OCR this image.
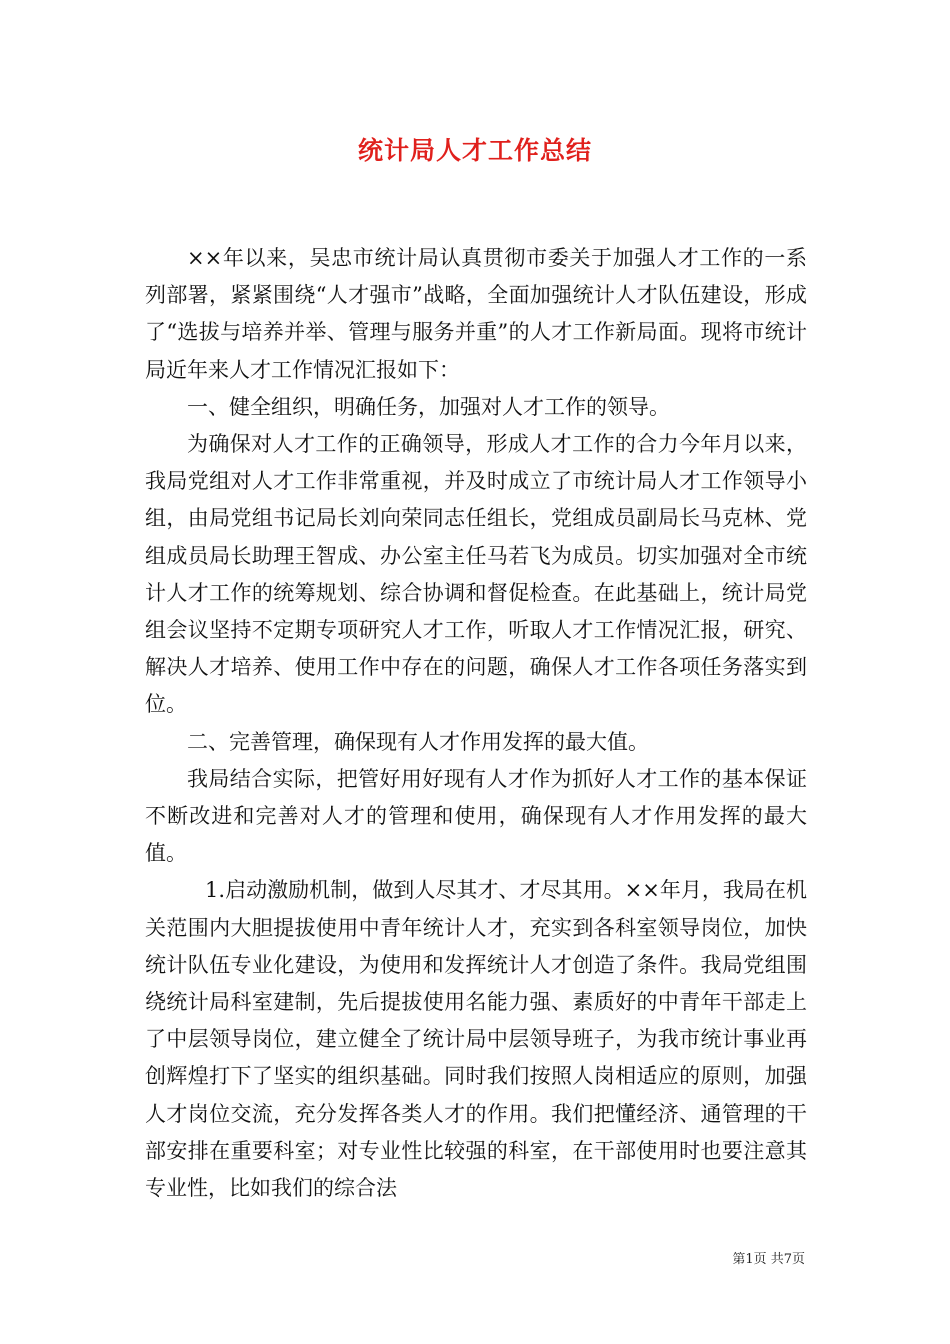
统计局人才工作总结

××年以来，吴忠市统计局认真贯彻市委关于加强人才工作的一系列部署，紧紧围绕“人才强市”战略，全面加强统计人才队伍建设，形成了“选拔与培养并举、管理与服务并重”的人才工作新局面。现将市统计局近年来人才工作情况汇报如下：

一、健全组织，明确任务，加强对人才工作的领导。

为确保对人才工作的正确领导，形成人才工作的合力今年月以来，我局党组对人才工作非常重视，并及时成立了市统计局人才工作领导小组，由局党组书记局长刘向荣同志任组长，党组成员副局长马克林、党组成员局长助理王智成、办公室主任马若飞为成员。切实加强对全市统计人才工作的统筹规划、综合协调和督促检查。在此基础上，统计局党组会议坚持不定期专项研究人才工作，听取人才工作情况汇报，研究、解决人才培养、使用工作中存在的问题，确保人才工作各项任务落实到位。

二、完善管理，确保现有人才作用发挥的最大值。

我局结合实际，把管好用好现有人才作为抓好人才工作的基本保证不断改进和完善对人才的管理和使用，确保现有人才作用发挥的最大值。

1.启动激励机制，做到人尽其才、才尽其用。××年月，我局在机关范围内大胆提拔使用中青年统计人才，充实到各科室领导岗位，加快统计队伍专业化建设，为使用和发挥统计人才创造了条件。我局党组围绕统计局科室建制，先后提拔使用名能力强、素质好的中青年干部走上了中层领导岗位，建立健全了统计局中层领导班子，为我市统计事业再创辉煌打下了坚实的组织基础。同时我们按照人岗相适应的原则，加强人才岗位交流，充分发挥各类人才的作用。我们把懂经济、通管理的干部安排在重要科室；对专业性比较强的科室，在干部使用时也要注意其专业性，比如我们的综合法

第1页 共7页
